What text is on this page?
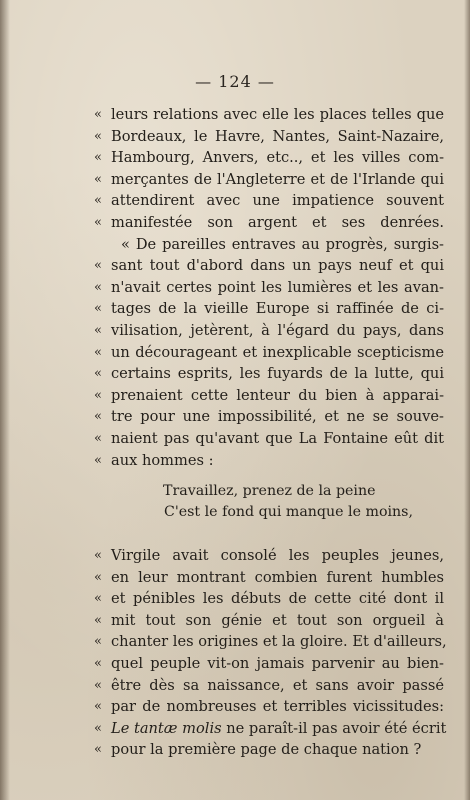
— 124 —
« leurs relations avec elle les places telles que
« Bordeaux, le Havre, Nantes, Saint-Nazaire,
« Hambourg, Anvers, etc.., et les villes com-
« merçantes de l'Angleterre et de l'Irlande qui
« attendirent avec une impatience souvent
« manifestée son argent et ses denrées.
« De pareilles entraves au progrès, surgis-
« sant tout d'abord dans un pays neuf et qui
« n'avait certes point les lumières et les avan-
« tages de la vieille Europe si raffinée de ci-
« vilisation, jetèrent, à l'égard du pays, dans
« un décourageant et inexplicable scepticisme
« certains esprits, les fuyards de la lutte, qui
« prenaient cette lenteur du bien à apparai-
« tre pour une impossibilité, et ne se souve-
« naient pas qu'avant que La Fontaine eût dit
« aux hommes :
Travaillez, prenez de la peine
C'est le fond qui manque le moins,
« Virgile avait consolé les peuples jeunes,
« en leur montrant combien furent humbles
« et pénibles les débuts de cette cité dont il
« mit tout son génie et tout son orgueil à
« chanter les origines et la gloire. Et d'ailleurs,
« quel peuple vit-on jamais parvenir au bien-
« être dès sa naissance, et sans avoir passé
« par de nombreuses et terribles vicissitudes:
« Le tantæ molis ne paraît-il pas avoir été écrit
« pour la première page de chaque nation ?
